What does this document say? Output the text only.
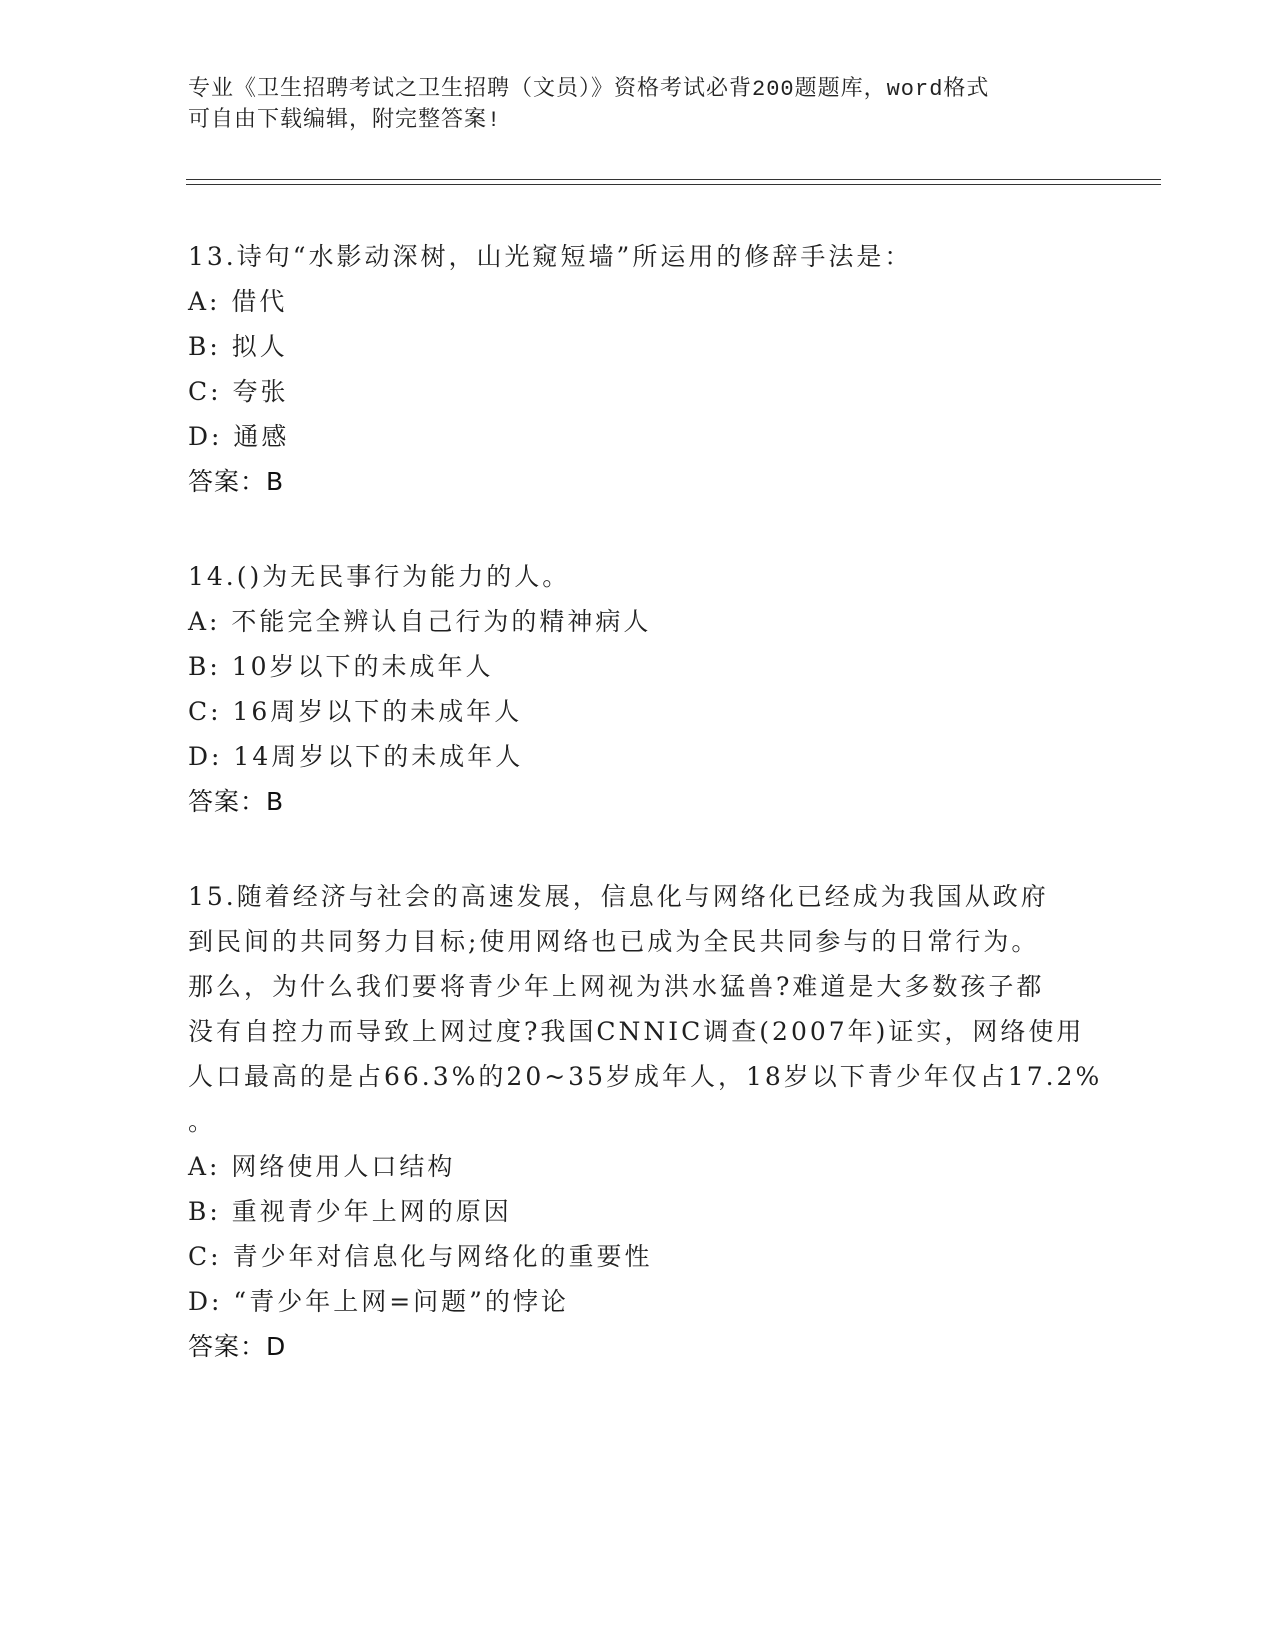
专业《卫生招聘考试之卫生招聘（文员）》资格考试必背200题题库，word格式
可自由下载编辑，附完整答案!

13.诗句“水影动深树，山光窥短墙”所运用的修辞手法是：

A: 借代
B: 拟人
C: 夸张
D: 通感
答案：B

14.()为无民事行为能力的人。

A: 不能完全辨认自己行为的精神病人
B: 10岁以下的未成年人
C: 16周岁以下的未成年人
D: 14周岁以下的未成年人
答案：B
15.随着经济与社会的高速发展，信息化与网络化已经成为我国从政府
到民间的共同努力目标;使用网络也已成为全民共同参与的日常行为。
那么，为什么我们要将青少年上网视为洪水猛兽?难道是大多数孩子都
没有自控力而导致上网过度?我国CNNIC调查(2007年)证实，网络使用
人口最高的是占66.3%的20~35岁成年人，18岁以下青少年仅占17.2%
。
A: 网络使用人口结构
B: 重视青少年上网的原因
C: 青少年对信息化与网络化的重要性
D: “青少年上网=问题”的悖论
答案：D
